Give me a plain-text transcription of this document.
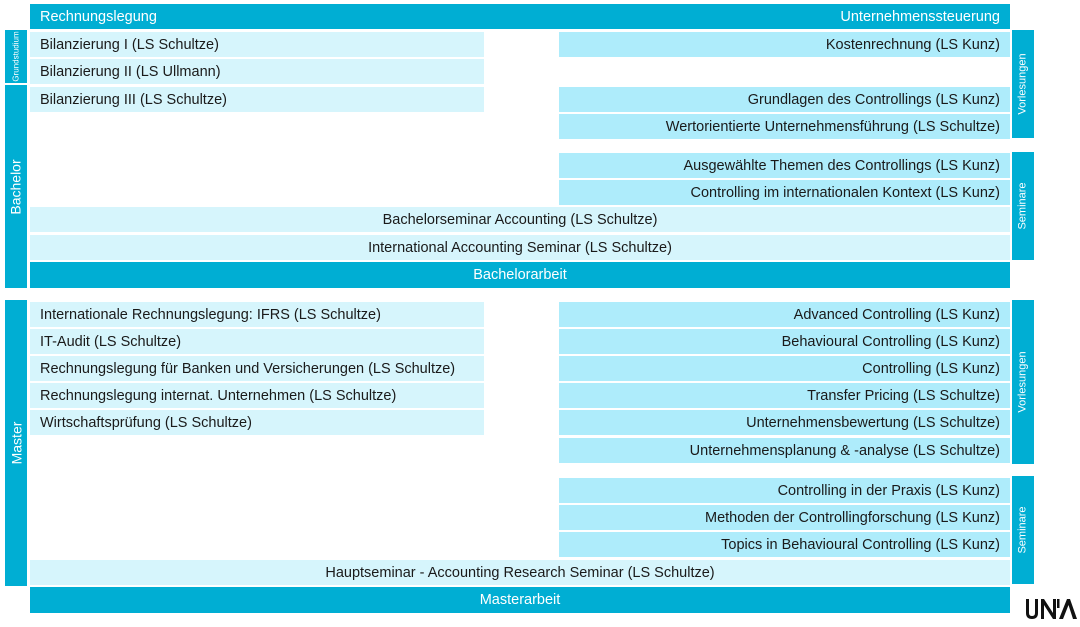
Rechnungslegung	Unternehmenssteuerung
Grundstudium
Bachelor
Master
Vorlesungen
Seminare
Vorlesungen
Seminare
Bilanzierung I (LS Schultze)
Bilanzierung II (LS Ullmann)
Bilanzierung III (LS Schultze)
Kostenrechnung (LS Kunz)
Grundlagen des Controllings (LS Kunz)
Wertorientierte Unternehmensführung (LS Schultze)
Ausgewählte Themen des Controllings (LS Kunz)
Controlling im internationalen Kontext (LS Kunz)
Bachelorseminar Accounting (LS Schultze)
International Accounting Seminar (LS Schultze)
Bachelorarbeit
Internationale Rechnungslegung: IFRS (LS Schultze)
IT-Audit (LS Schultze)
Rechnungslegung für Banken und Versicherungen (LS Schultze)
Rechnungslegung internat. Unternehmen (LS Schultze)
Wirtschaftsprüfung (LS Schultze)
Advanced Controlling (LS Kunz)
Behavioural Controlling (LS Kunz)
Controlling (LS Kunz)
Transfer Pricing (LS Schultze)
Unternehmensbewertung (LS Schultze)
Unternehmensplanung & -analyse (LS Schultze)
Controlling in der Praxis (LS Kunz)
Methoden der Controllingforschung (LS Kunz)
Topics in Behavioural Controlling (LS Kunz)
Hauptseminar - Accounting Research Seminar (LS Schultze)
Masterarbeit
